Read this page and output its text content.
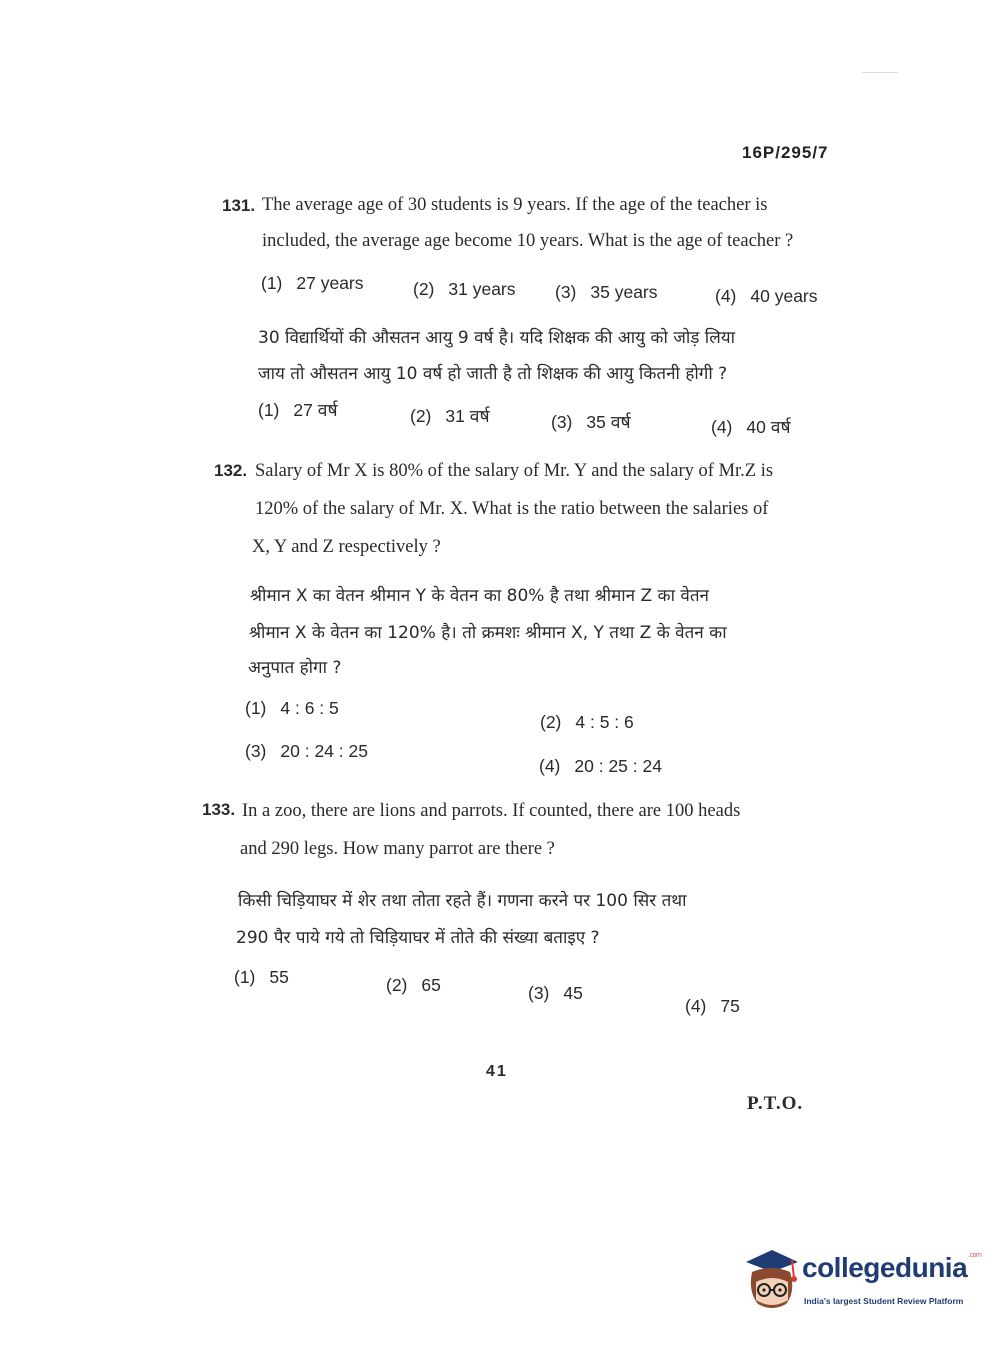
16P/295/7
131. The average age of 30 students is 9 years. If the age of the teacher is
included, the average age become 10 years. What is the age of teacher ?
(1) 27 years	(2) 31 years (3) 35 years	(4) 40 years
30 विद्यार्थियों की औसतन आयु 9 वर्ष है। यदि शिक्षक की आयु को जोड़ लिया
जाय तो औसतन आयु 10 वर्ष हो जाती है तो शिक्षक की आयु कितनी होगी ?
(1) 27 वर्ष	(2) 31 वर्ष	(3) 35 वर्ष	(4) 40 वर्ष
132. Salary of Mr X is 80% of the salary of Mr. Y and the salary of Mr.Z is
120% of the salary of Mr. X. What is the ratio between the salaries of
X, Y and Z respectively ?
श्रीमान X का वेतन श्रीमान Y के वेतन का 80% है तथा श्रीमान Z का वेतन
श्रीमान X के वेतन का 120% है। तो क्रमशः श्रीमान X, Y तथा Z के वेतन का
अनुपात होगा ?
(1) 4 : 6 : 5
(2) 4 : 5 : 6
(3) 20 : 24 : 25
(4) 20 : 25 : 24
133. In a zoo, there are lions and parrots. If counted, there are 100 heads
and 290 legs. How many parrot are there ?
किसी चिड़ियाघर में शेर तथा तोता रहते हैं। गणना करने पर 100 सिर तथा
290 पैर पाये गये तो चिड़ियाघर में तोते की संख्या बताइए ?
(1) 55	(2) 65	(3) 45
(4) 75
41
P.T.O.
collegedunia$^{.com}$
India's largest Student Review Platform
